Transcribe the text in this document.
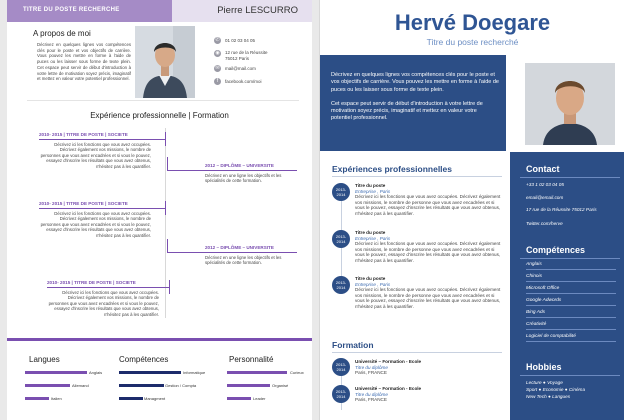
TITRE DU POSTE RECHERCHE	Pierre LESCURRO
A propos de moi
Décrivez en quelques lignes vos compétences clés pour le poste et vos objectifs de carrière. Vous pouvez les mettre en forme à l'aide de puces ou les laisser sous forme de texte plein. Cet espace peut servir de début d'introduction à votre lettre de motivation soyez précis, imaginatif et mettez en valeur votre potentiel professionnel.
✆	01 02 03 04 05
◉ 12 rue de la Réussite 75012 Paris
✉	mail@mail.com
f	facebook.com/moi
Expérience professionnelle | Formation
2010- 2015 | TITRE DE POSTE | SOCIETE
Décrivez ici les fonctions que vous avez occupées. Décrivez également vos missions, le nombre de personnes que vous avez encadrées et si vous le pouvez, essayez d'inscrire les résultats que vous avez obtenus, n'hésitez pas à les quantifier.	2012 – DIPLÔME – UNIVERSITE
Décrivez en une ligne les objectifs et les spécialités de cette formation.
2010- 2015 | TITRE DE POSTE | SOCIETE
Décrivez ici les fonctions que vous avez occupées. Décrivez également vos missions, le nombre de personnes que vous avez encadrées et si vous le pouvez, essayez d'inscrire les résultats que vous avez obtenus, n'hésitez pas à les quantifier.
2012 – DIPLÔME – UNIVERSITE
Décrivez en une ligne les objectifs et les spécialités de cette formation.
2010- 2015 | TITRE DE POSTE | SOCIETE
Décrivez ici les fonctions que vous avez occupées. Décrivez également vos missions, le nombre de personnes que vous avez encadrées et si vous le pouvez, essayez d'inscrire les résultats que vous avez obtenus, n'hésitez pas à les quantifier.
Langues	Compétences	Personnalité
Anglais
Allemand
Italien
Informatique
Gestion / Compta
Managment
Curieux
Organisé
Leader
Hervé Doegare
Titre du poste recherché
Décrivez en quelques lignes vos compétences clés pour le poste et vos objectifs de carrière. Vous pouvez les mettre en forme à l'aide de puces ou les laisser sous forme de texte plein.
Cet espace peut servir de début d'introduction à votre lettre de motivation soyez précis, imaginatif et mettez en valeur votre potentiel professionnel.
Expériences professionnelles
2013- 2014
Titre du poste
Entreprise , Paris
Décrivez ici les fonctions que vous avez occupées. Décrivez également vos missions, le nombre de personne que vous avez encadrées et si vous le pouvez, essayez d'inscrire les résultats que vous avez obtenus, n'hésitez pas à les quantifier.
2013- 2014
Titre du poste
Entreprise , Paris
Décrivez ici les fonctions que vous avez occupées. Décrivez également vos missions, le nombre de personne que vous avez encadrées et si vous le pouvez, essayez d'inscrire les résultats que vous avez obtenus, n'hésitez pas à les quantifier.
2013- 2014
Titre du poste
Entreprise , Paris
Décrivez ici les fonctions que vous avez occupées. Décrivez également vos missions, le nombre de personne que vous avez encadrées et si vous le pouvez, essayez d'inscrire les résultats que vous avez obtenus, n'hésitez pas à les quantifier.
Formation
2013- 2014
Université – Formation - Ecole
Titre du diplôme
Paris, FRANCE
2013- 2014
Université – Formation - Ecole
Titre du diplôme
Paris, FRANCE
Contact
+33 1 02 03 04 05
email@email.com
17 rue de la Réussite 75012 Paris
Twitter.com/herve
Compétences
Anglais
Chinois
Microsoft Office
Google Adwords
Bing Ads
Créativité
Logiciel de comptabilité
Hobbies
Lecture ● Voyage
Sport ● Economie ● Cinéma
New Tech ● Langues
